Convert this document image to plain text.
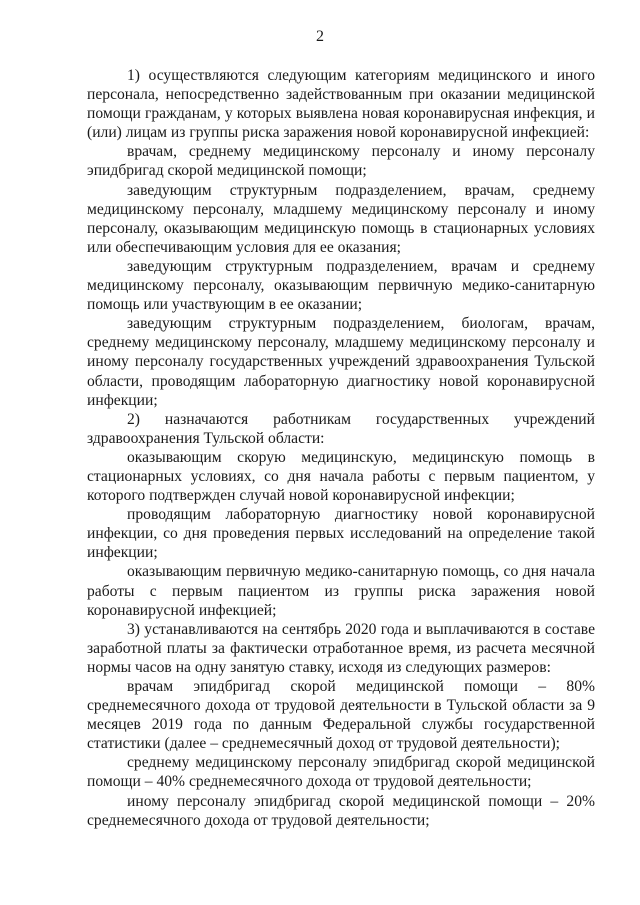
2

1) осуществляются следующим категориям медицинского и иного персонала, непосредственно задействованным при оказании медицинской помощи гражданам, у которых выявлена новая коронавирусная инфекция, и (или) лицам из группы риска заражения новой коронавирусной инфекцией:

врачам, среднему медицинскому персоналу и иному персоналу эпидбригад скорой медицинской помощи;

заведующим структурным подразделением, врачам, среднему медицинскому персоналу, младшему медицинскому персоналу и иному персоналу, оказывающим медицинскую помощь в стационарных условиях или обеспечивающим условия для ее оказания;

заведующим структурным подразделением, врачам и среднему медицинскому персоналу, оказывающим первичную медико-санитарную помощь или участвующим в ее оказании;

заведующим структурным подразделением, биологам, врачам, среднему медицинскому персоналу, младшему медицинскому персоналу и иному персоналу государственных учреждений здравоохранения Тульской области, проводящим лабораторную диагностику новой коронавирусной инфекции;

2) назначаются работникам государственных учреждений здравоохранения Тульской области:

оказывающим скорую медицинскую, медицинскую помощь в стационарных условиях, со дня начала работы с первым пациентом, у которого подтвержден случай новой коронавирусной инфекции;

проводящим лабораторную диагностику новой коронавирусной инфекции, со дня проведения первых исследований на определение такой инфекции;

оказывающим первичную медико-санитарную помощь, со дня начала работы с первым пациентом из группы риска заражения новой коронавирусной инфекцией;

3) устанавливаются на сентябрь 2020 года и выплачиваются в составе заработной платы за фактически отработанное время, из расчета месячной нормы часов на одну занятую ставку, исходя из следующих размеров:

врачам эпидбригад скорой медицинской помощи – 80% среднемесячного дохода от трудовой деятельности в Тульской области за 9 месяцев 2019 года по данным Федеральной службы государственной статистики (далее – среднемесячный доход от трудовой деятельности);

среднему медицинскому персоналу эпидбригад скорой медицинской помощи – 40% среднемесячного дохода от трудовой деятельности;

иному персоналу эпидбригад скорой медицинской помощи – 20% среднемесячного дохода от трудовой деятельности;
